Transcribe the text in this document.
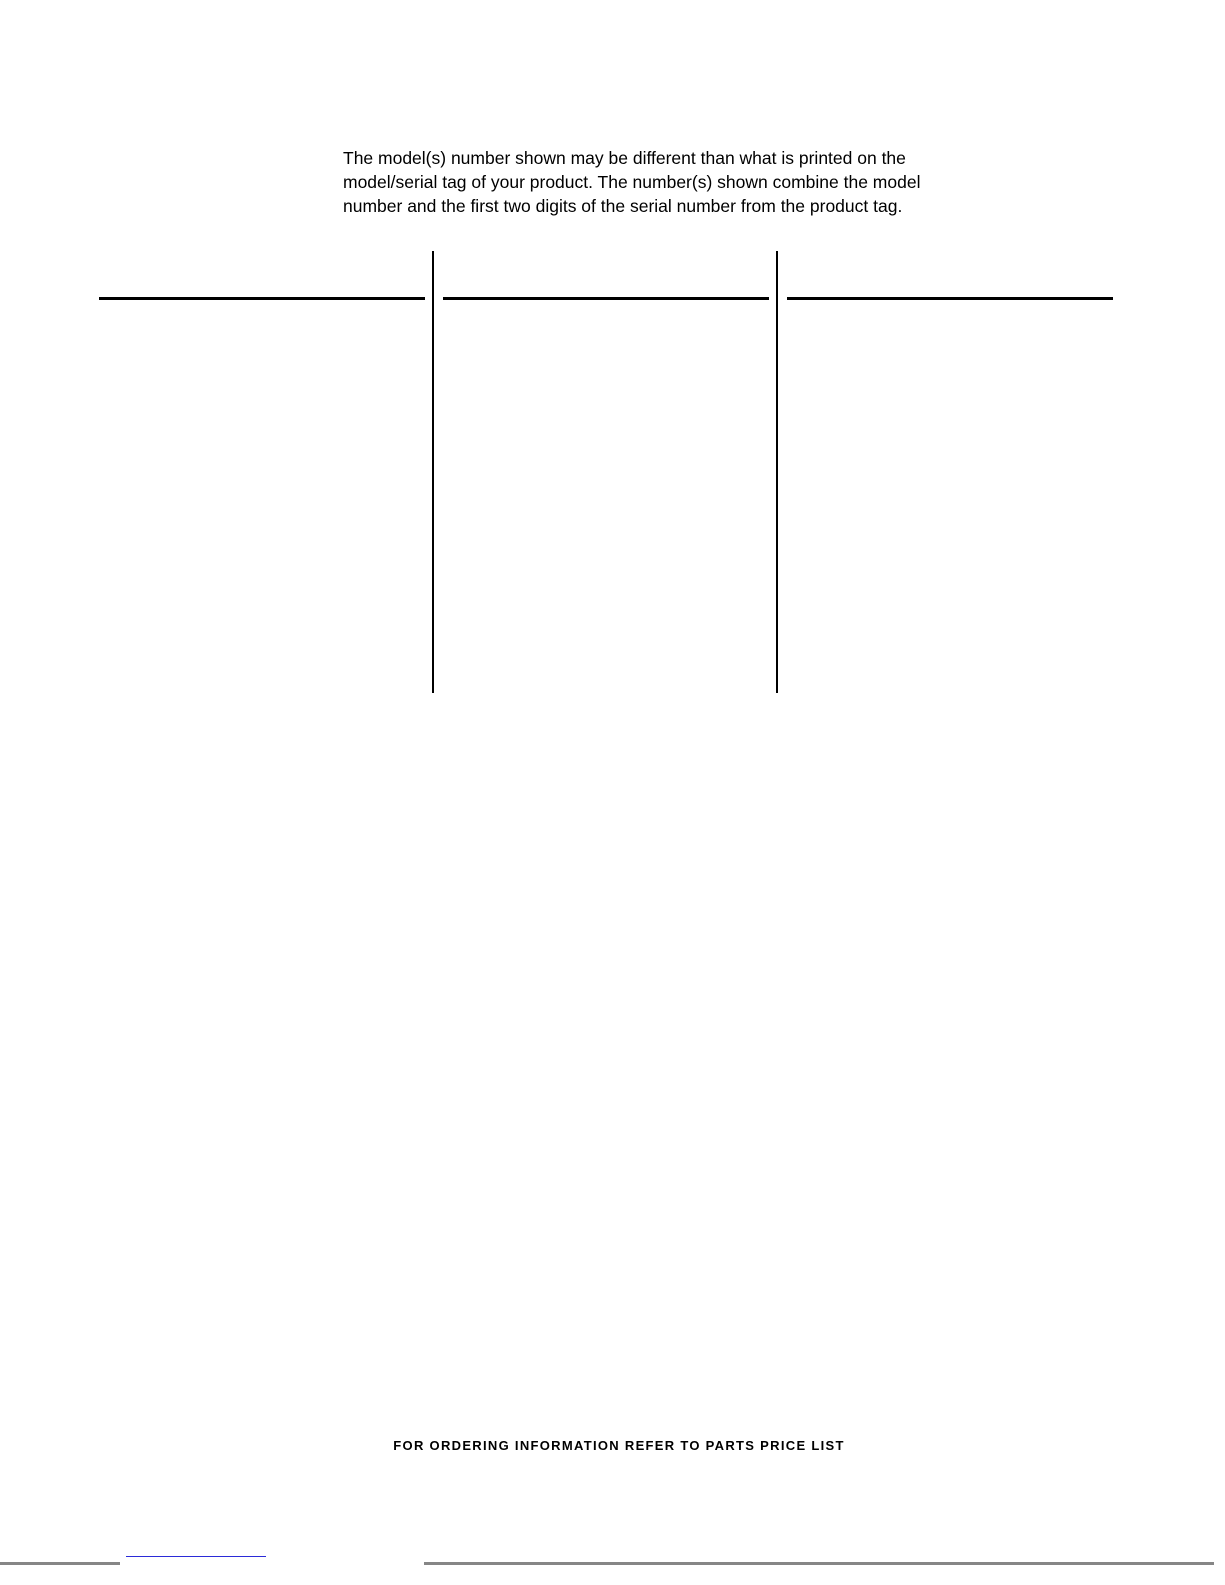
The model(s) number shown may be different than what is printed on the
model/serial tag of your product. The number(s) shown combine the model
number and the first two digits of the serial number from the product tag.
FOR ORDERING INFORMATION REFER TO PARTS PRICE LIST
